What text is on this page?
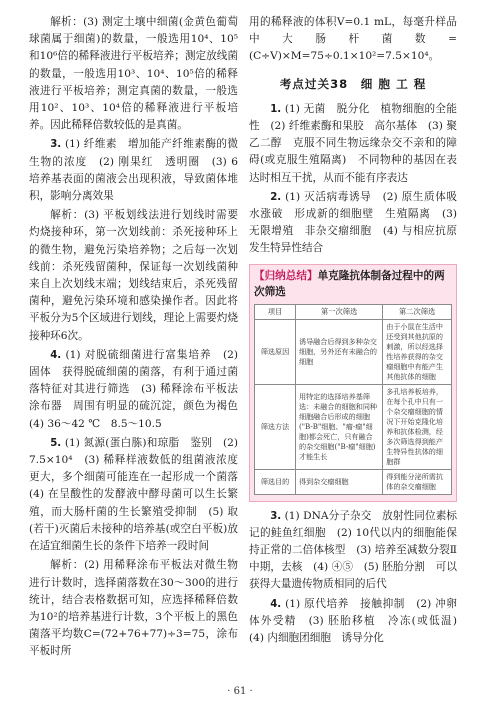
解析：(3) 测定土壤中细菌(金黄色葡萄球菌属于细菌)的数量，一般选用10⁴、10⁵和10⁶倍的稀释液进行平板培养；测定放线菌的数量，一般选用10³、10⁴、10⁵倍的稀释液进行平板培养；测定真菌的数量，一般选用10²、10³、10⁴倍的稀释液进行平板培养。因此稀释倍数较低的是真菌。

3. (1) 纤维素　增加能产纤维素酶的微生物的浓度　(2) 刚果红　透明圈　(3) 6　培养基表面的菌液会出现积液，导致菌体堆积，影响分离效果

解析：(3) 平板划线法进行划线时需要灼烧接种环，第一次划线前：杀死接种环上的微生物，避免污染培养物；之后每一次划线前：杀死残留菌种，保证每一次划线菌种来自上次划线末端；划线结束后，杀死残留菌种，避免污染环境和感染操作者。因此将平板分为5个区域进行划线，理论上需要灼烧接种环6次。

4. (1) 对脱硫细菌进行富集培养　(2) 固体　获得脱硫细菌的菌落，有利于通过菌落特征对其进行筛选　(3) 稀释涂布平板法　涂布器　周围有明显的硫沉淀，颜色为褐色　(4) 36～42 ℃　8.5～10.5

5. (1) 氮源(蛋白胨)和琼脂　鉴别　(2) 7.5×10⁴　(3) 稀释样液数低的组菌液浓度更大，多个细菌可能连在一起形成一个菌落　(4) 在呈酸性的发酵液中酵母菌可以生长繁殖，而大肠杆菌的生长繁殖受抑制　(5) 取(若干)灭菌后未接种的培养基(或空白平板)放在适宜细菌生长的条件下培养一段时间

解析：(2) 用稀释涂布平板法对微生物进行计数时，选择菌落数在30～300的进行统计，结合表格数据可知，应选择稀释倍数为10²的培养基进行计数，3个平板上的黑色菌落平均数C=(72+76+77)÷3=75，涂布平板时所

用的稀释液的体积V=0.1 mL，每毫升样品中大肠杆菌数=(C÷V)×M=75÷0.1×10²=7.5×10⁴。

考点过关38　细 胞 工 程

1. (1) 无菌　脱分化　植物细胞的全能性　(2) 纤维素酶和果胶　高尔基体　(3) 聚乙二醇　克服不同生物远缘杂交不亲和的障碍(或克服生殖隔离)　不同物种的基因在表达时相互干扰，从而不能有序表达

2. (1) 灭活病毒诱导　(2) 原生质体吸水涨破　形成新的细胞壁　生殖隔离　(3) 无限增殖　非杂交瘤细胞　(4) 与相应抗原发生特异性结合

【归纳总结】单克隆抗体制备过程中的两次筛选
项目	第一次筛选	第二次筛选
筛选原因	诱导融合后得到多种杂交细胞，另外还有未融合的细胞	由于小鼠在生活中还受到其他抗原的刺激，所以经选择性培养获得的杂交瘤细胞中有能产生其他抗体的细胞
筛选方法	用特定的选择培养基筛选：未融合的细胞和同种细胞融合后形成的细胞("B-B"细胞、"瘤-瘤"细胞)都会死亡，只有融合的杂交细胞("B-瘤"细胞)才能生长	多孔培养板培养，在每个孔中只有一个杂交瘤细胞的情况下开始克隆化培养和抗体检测，经多次筛选得到能产生特异性抗体的细胞群
筛选目的	得到杂交瘤细胞	得到能分泌所需抗体的杂交瘤细胞

3. (1) DNA分子杂交　放射性同位素标记的鲑鱼红细胞　(2) 10代以内的细胞能保持正常的二倍体核型　(3) 培养至减数分裂Ⅱ中期，去核　(4) ④⑤　(5) 胚胎分割　可以获得大量遗传物质相同的后代

4. (1) 原代培养　接触抑制　(2) 冲卵　体外受精　(3) 胚胎移植　冷冻(或低温)　(4) 内细胞团细胞　诱导分化

· 61 ·
